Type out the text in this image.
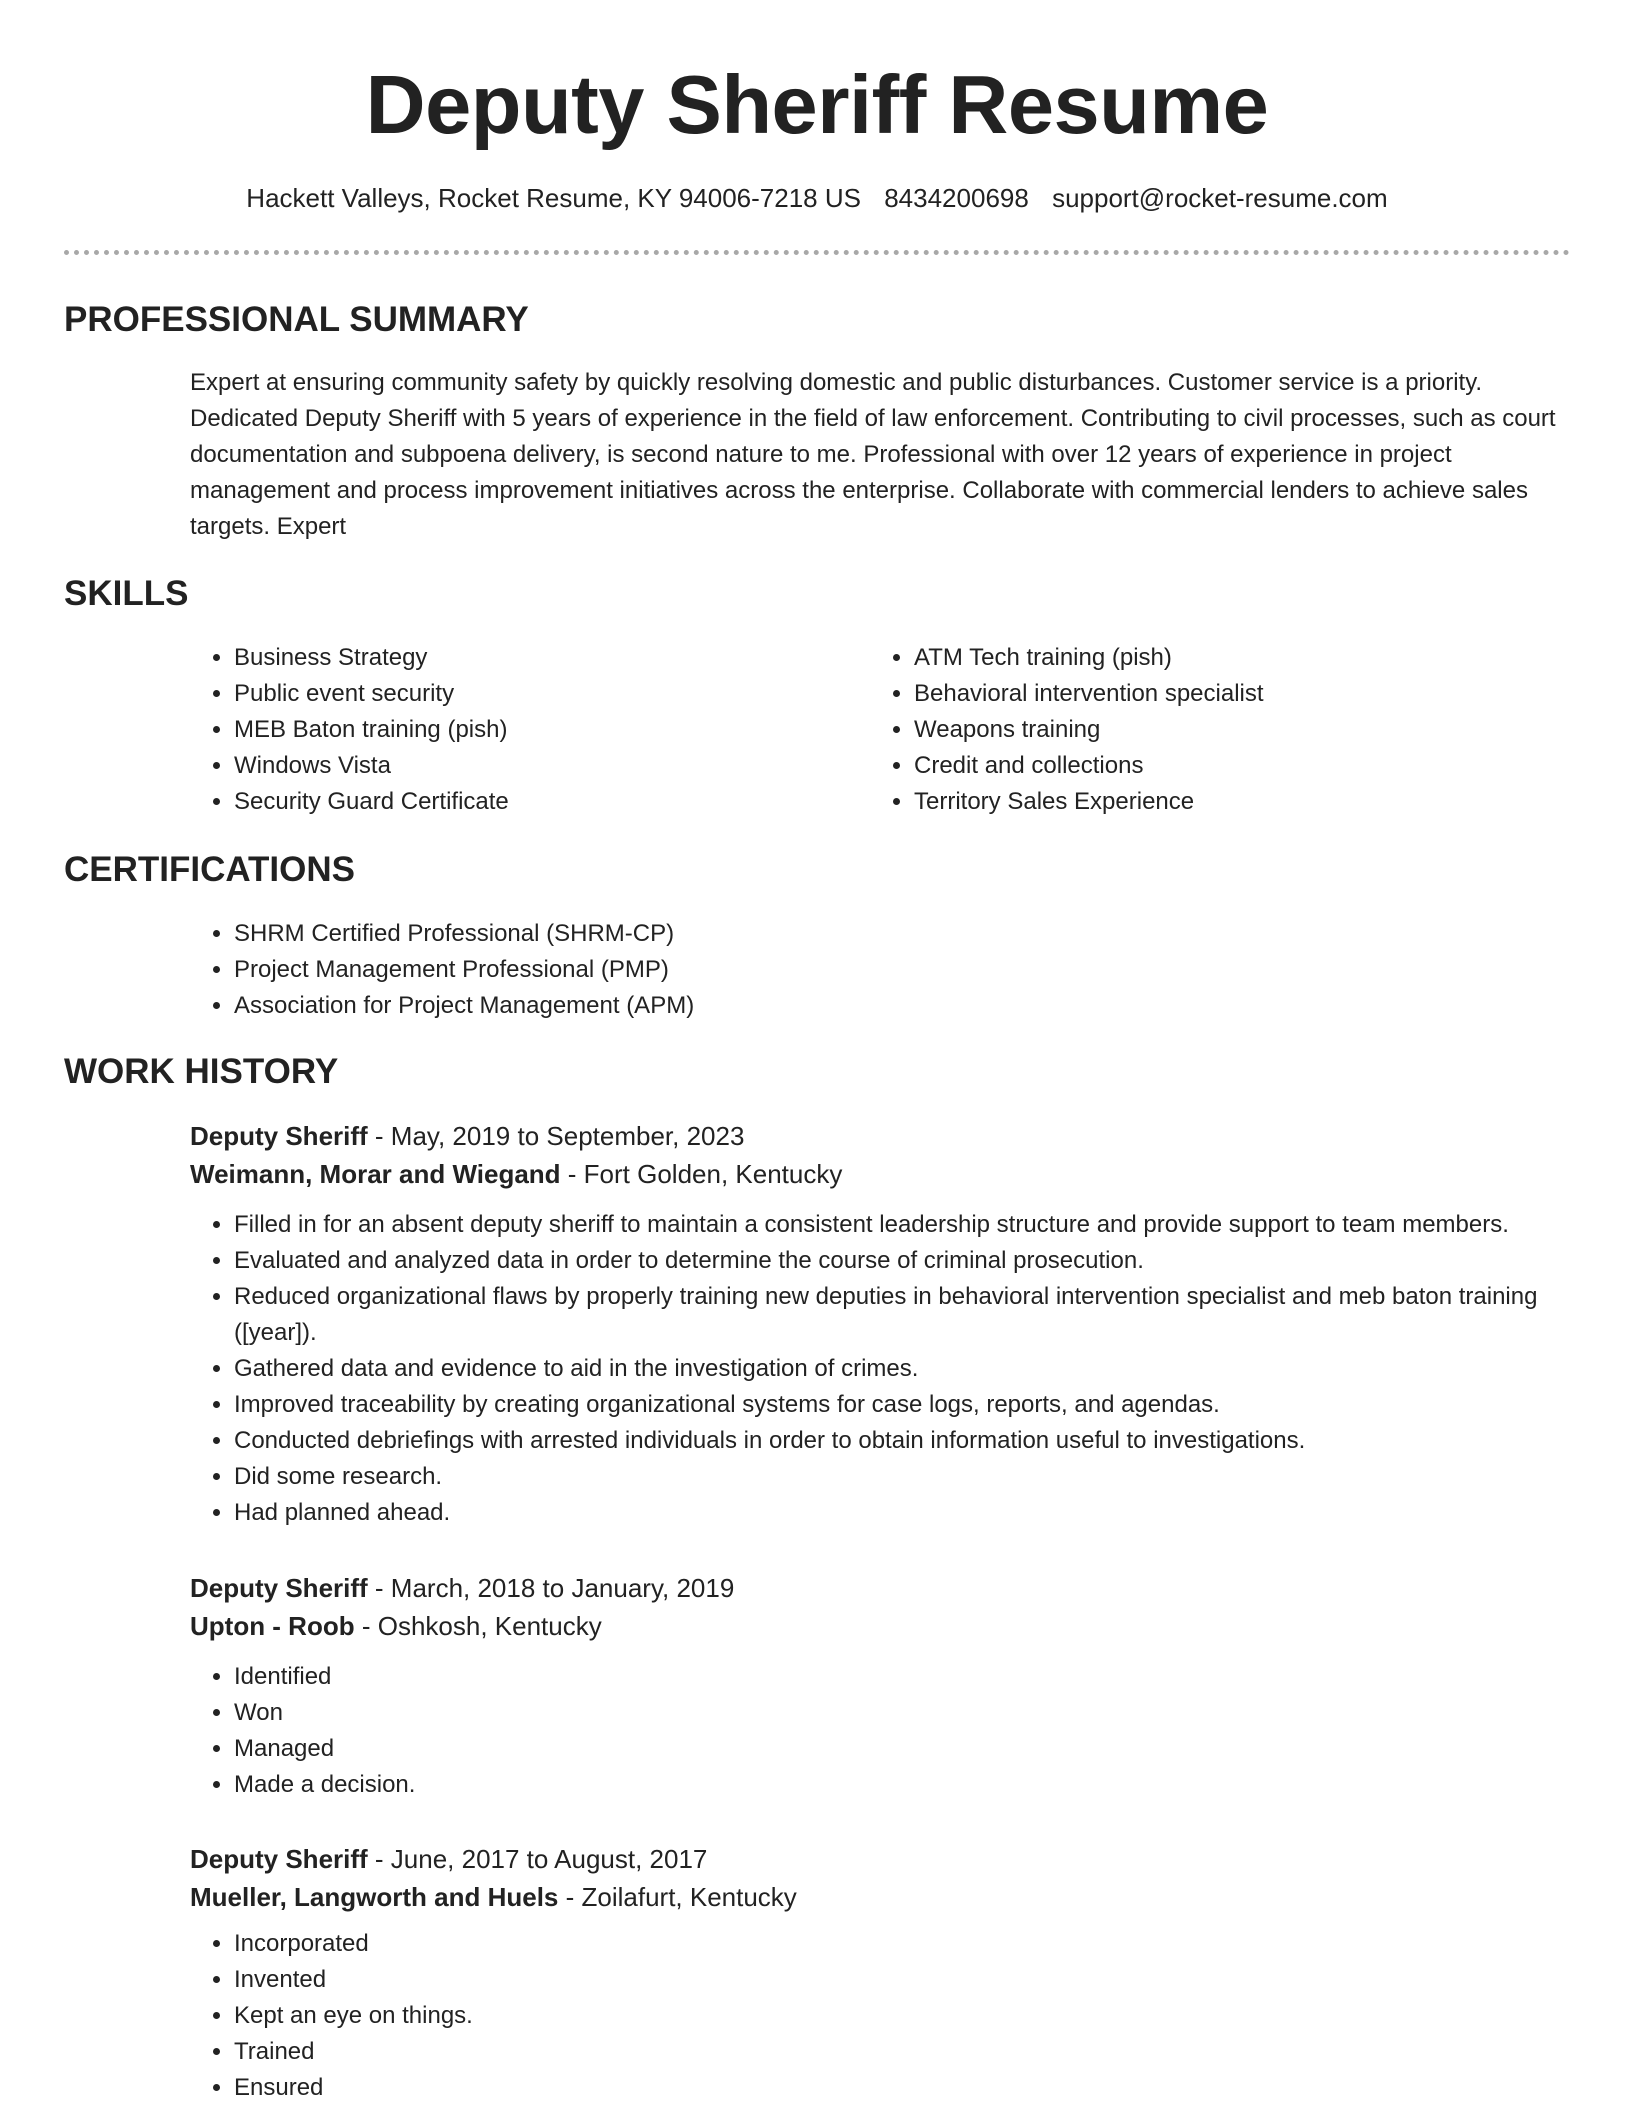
Deputy Sheriff Resume
Hackett Valleys, Rocket Resume, KY 94006-7218 US 8434200698 support@rocket-resume.com
PROFESSIONAL SUMMARY

Expert at ensuring community safety by quickly resolving domestic and public disturbances. Customer service is a priority. Dedicated Deputy Sheriff with 5 years of experience in the field of law enforcement. Contributing to civil processes, such as court documentation and subpoena delivery, is second nature to me. Professional with over 12 years of experience in project management and process improvement initiatives across the enterprise. Collaborate with commercial lenders to achieve sales targets. Expert

SKILLS
• Business Strategy
• Public event security
• MEB Baton training (pish)
• Windows Vista
• Security Guard Certificate
• ATM Tech training (pish)
• Behavioral intervention specialist
• Weapons training
• Credit and collections
• Territory Sales Experience
CERTIFICATIONS
• SHRM Certified Professional (SHRM-CP)
• Project Management Professional (PMP)
• Association for Project Management (APM)
WORK HISTORY
Deputy Sheriff - May, 2019 to September, 2023
Weimann, Morar and Wiegand - Fort Golden, Kentucky
• Filled in for an absent deputy sheriff to maintain a consistent leadership structure and provide support to team members.
• Evaluated and analyzed data in order to determine the course of criminal prosecution.
• Reduced organizational flaws by properly training new deputies in behavioral intervention specialist and meb baton training ([year]).
• Gathered data and evidence to aid in the investigation of crimes.
• Improved traceability by creating organizational systems for case logs, reports, and agendas.
• Conducted debriefings with arrested individuals in order to obtain information useful to investigations.
• Did some research.
• Had planned ahead.
Deputy Sheriff - March, 2018 to January, 2019
Upton - Roob - Oshkosh, Kentucky
• Identified
• Won
• Managed
• Made a decision.
Deputy Sheriff - June, 2017 to August, 2017
Mueller, Langworth and Huels - Zoilafurt, Kentucky
• Incorporated
• Invented
• Kept an eye on things.
• Trained
• Ensured
